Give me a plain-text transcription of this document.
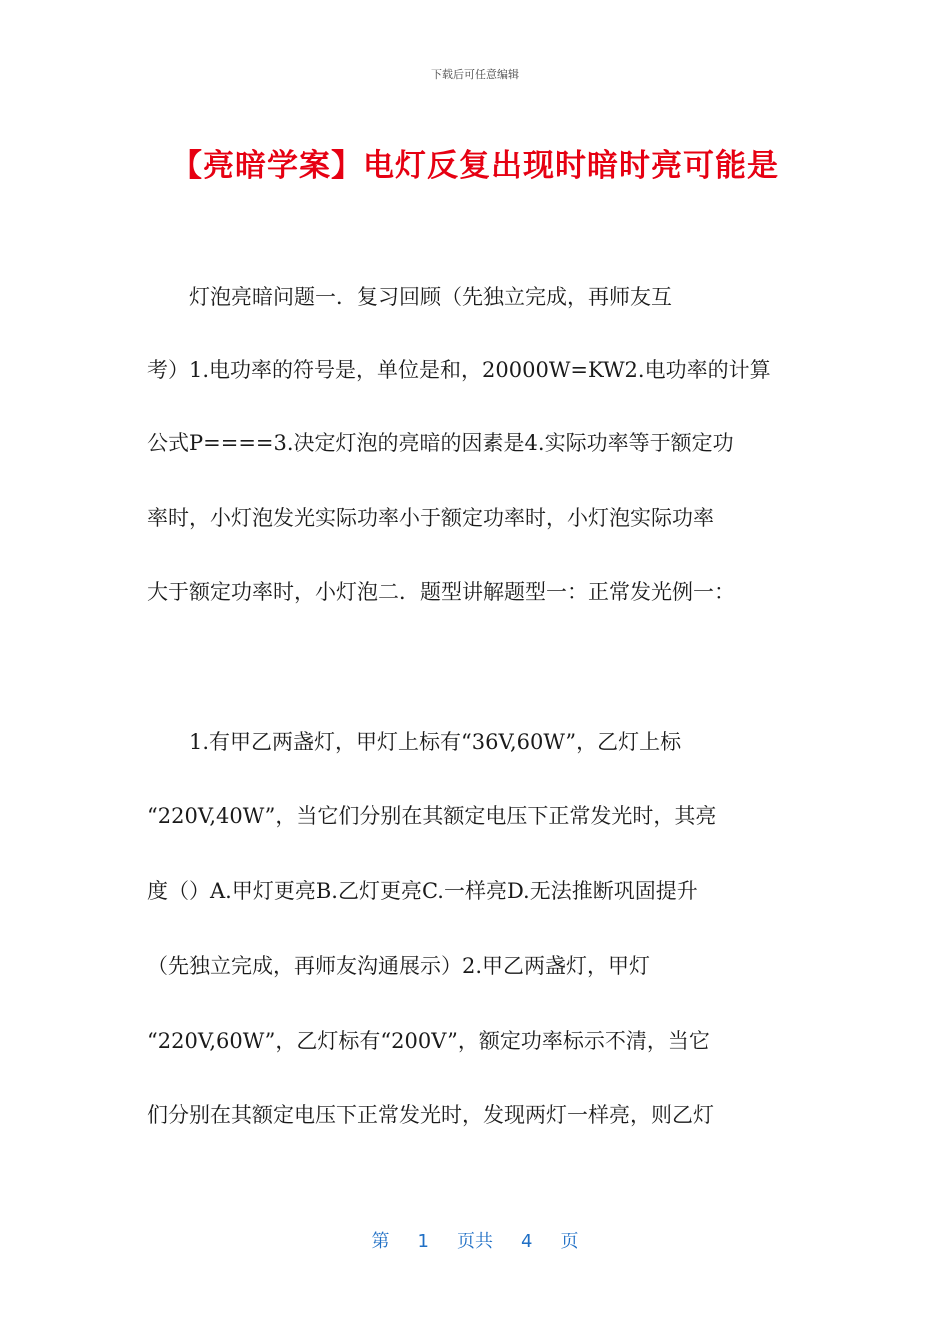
下载后可任意编辑
【亮暗学案】电灯反复出现时暗时亮可能是
　　灯泡亮暗问题一．复习回顾（先独立完成，再师友互
考）1.电功率的符号是，单位是和，20000W=KW2.电功率的计算
公式P====3.决定灯泡的亮暗的因素是4.实际功率等于额定功
率时，小灯泡发光实际功率小于额定功率时，小灯泡实际功率
大于额定功率时，小灯泡二．题型讲解题型一：正常发光例一：
　　1.有甲乙两盏灯，甲灯上标有“36V,60W”，乙灯上标
“220V,40W”，当它们分别在其额定电压下正常发光时，其亮
度（）A.甲灯更亮B.乙灯更亮C.一样亮D.无法推断巩固提升
（先独立完成，再师友沟通展示）2.甲乙两盏灯，甲灯
“220V,60W”，乙灯标有“200V”，额定功率标示不清，当它
们分别在其额定电压下正常发光时，发现两灯一样亮，则乙灯
第 1 页共 4 页
